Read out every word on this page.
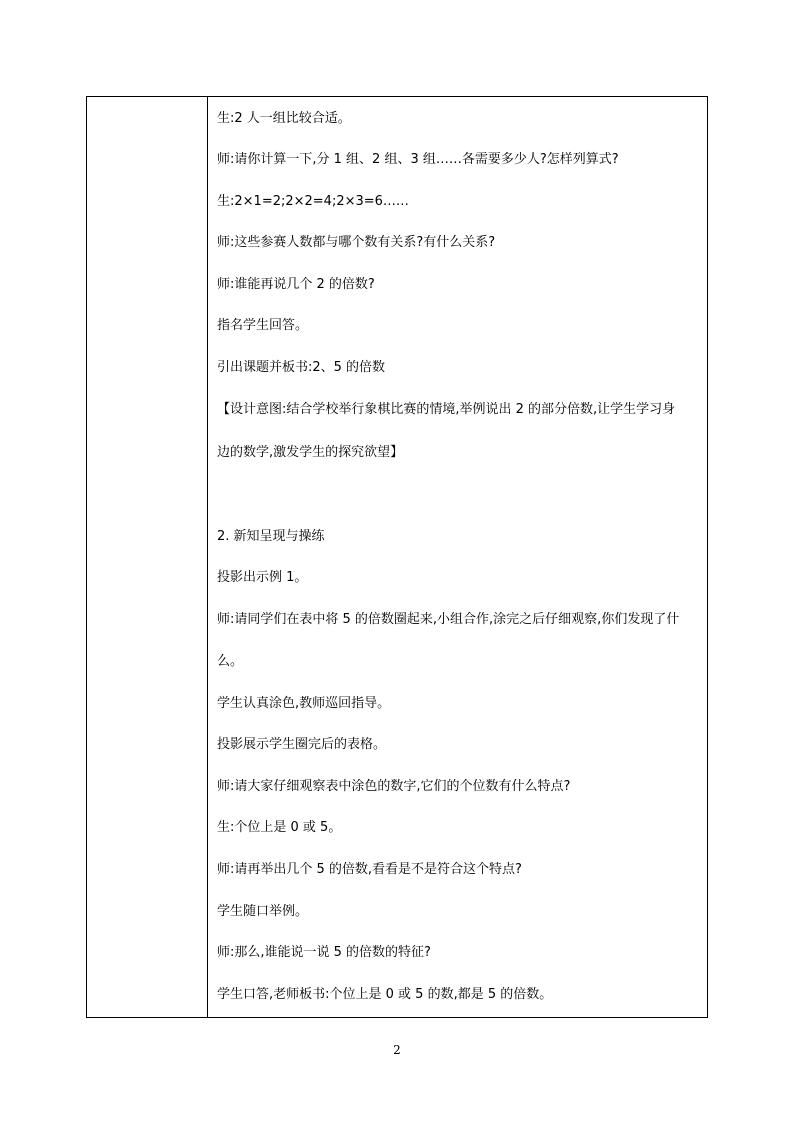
生:2 人一组比较合适。
师:请你计算一下,分 1 组、2 组、3 组……各需要多少人?怎样列算式?
生:2×1=2;2×2=4;2×3=6……
师:这些参赛人数都与哪个数有关系?有什么关系?
师:谁能再说几个 2 的倍数?
指名学生回答。
引出课题并板书:2、5 的倍数
【设计意图:结合学校举行象棋比赛的情境,举例说出 2 的部分倍数,让学生学习身
边的数学,激发学生的探究欲望】
2. 新知呈现与操练
投影出示例 1。
师:请同学们在表中将 5 的倍数圈起来,小组合作,涂完之后仔细观察,你们发现了什
么。
学生认真涂色,教师巡回指导。
投影展示学生圈完后的表格。
师:请大家仔细观察表中涂色的数字,它们的个位数有什么特点?
生:个位上是 0 或 5。
师:请再举出几个 5 的倍数,看看是不是符合这个特点?
学生随口举例。
师:那么,谁能说一说 5 的倍数的特征?
学生口答,老师板书:个位上是 0 或 5 的数,都是 5 的倍数。
2
